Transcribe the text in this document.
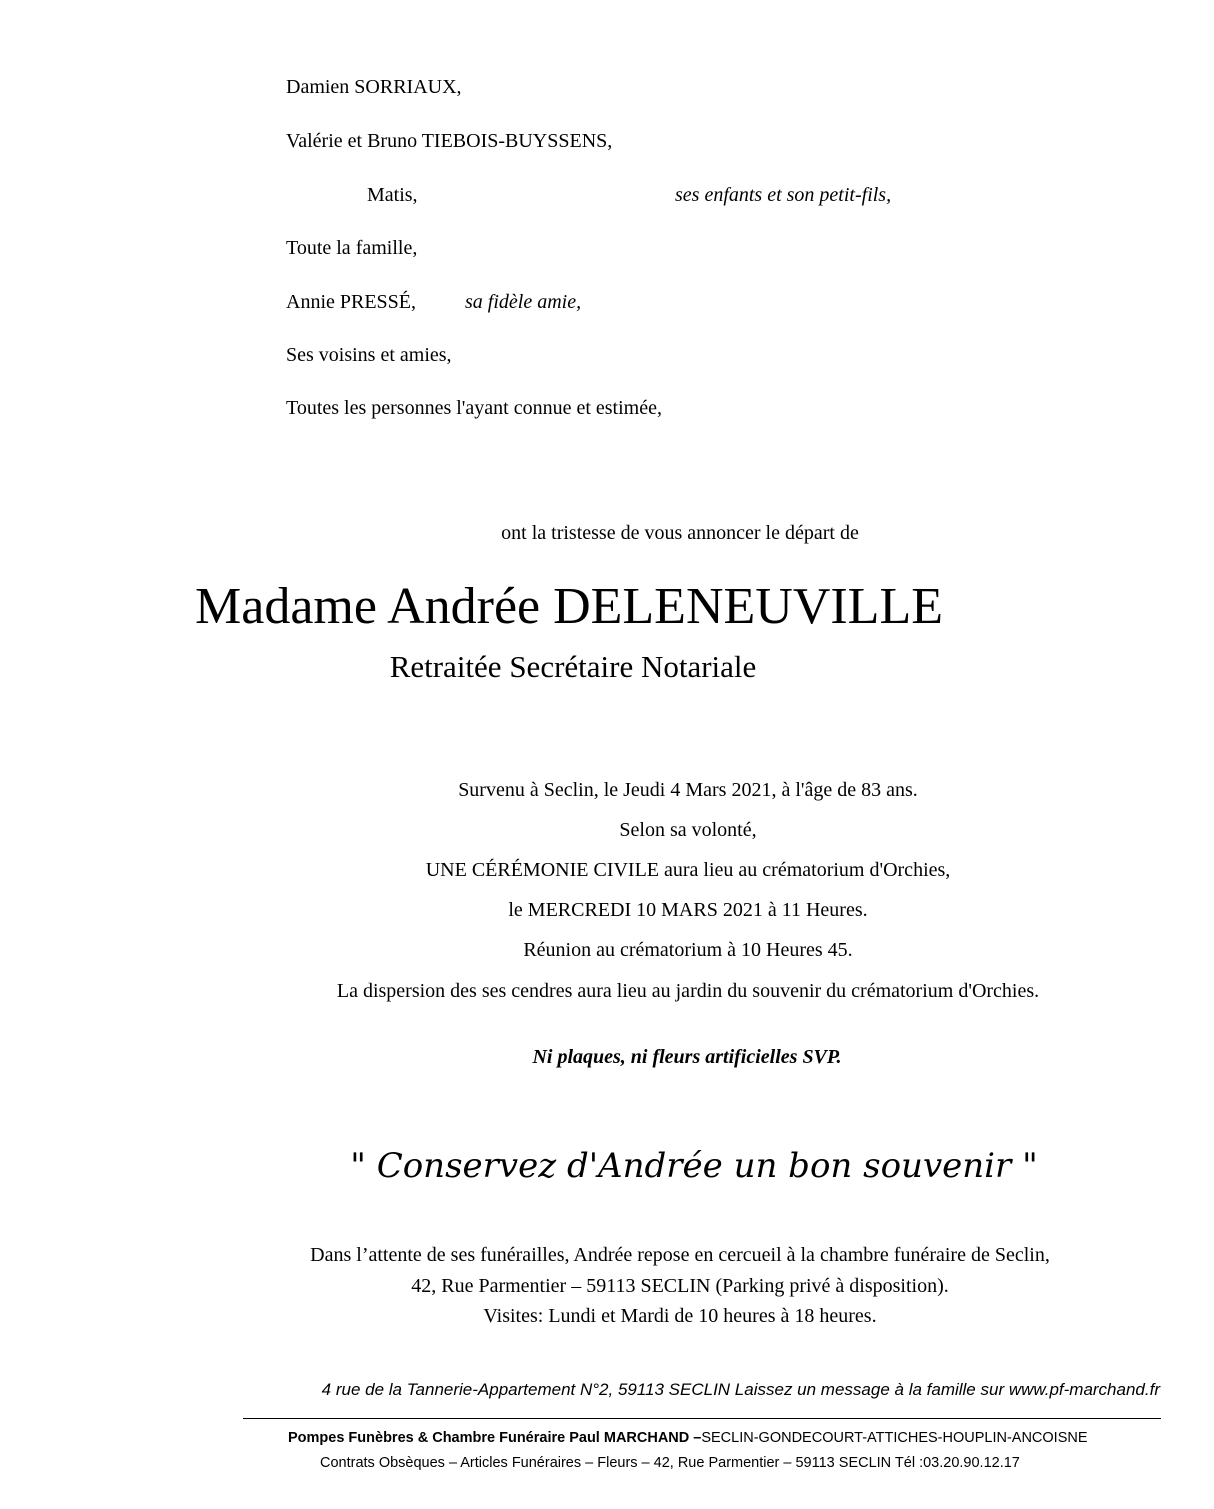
Damien SORRIAUX,
Valérie et Bruno TIEBOIS-BUYSSENS,
Matis,	ses enfants et son petit-fils,
Toute la famille,
Annie PRESSÉ, sa fidèle amie,
Ses voisins et amies,
Toutes les personnes l'ayant connue et estimée,
ont la tristesse de vous annoncer le départ de
Madame Andrée DELENEUVILLE
Retraitée Secrétaire Notariale
Survenu à Seclin, le Jeudi 4 Mars 2021, à l'âge de 83 ans.
Selon sa volonté,
UNE CÉRÉMONIE CIVILE aura lieu au crématorium d'Orchies,
le MERCREDI 10 MARS 2021 à 11 Heures.
Réunion au crématorium à 10 Heures 45.
La dispersion des ses cendres aura lieu au jardin du souvenir du crématorium d'Orchies.
Ni plaques, ni fleurs artificielles SVP.
" Conservez d'Andrée un bon souvenir "
Dans l’attente de ses funérailles, Andrée repose en cercueil à la chambre funéraire de Seclin,
42, Rue Parmentier – 59113 SECLIN (Parking privé à disposition).
Visites: Lundi et Mardi de 10 heures à 18 heures.
4 rue de la Tannerie-Appartement N°2, 59113 SECLIN Laissez un message à la famille sur www.pf-marchand.fr
Pompes Funèbres & Chambre Funéraire Paul MARCHAND –SECLIN-GONDECOURT-ATTICHES-HOUPLIN-ANCOISNE
Contrats Obsèques – Articles Funéraires – Fleurs – 42, Rue Parmentier – 59113 SECLIN Tél :03.20.90.12.17
